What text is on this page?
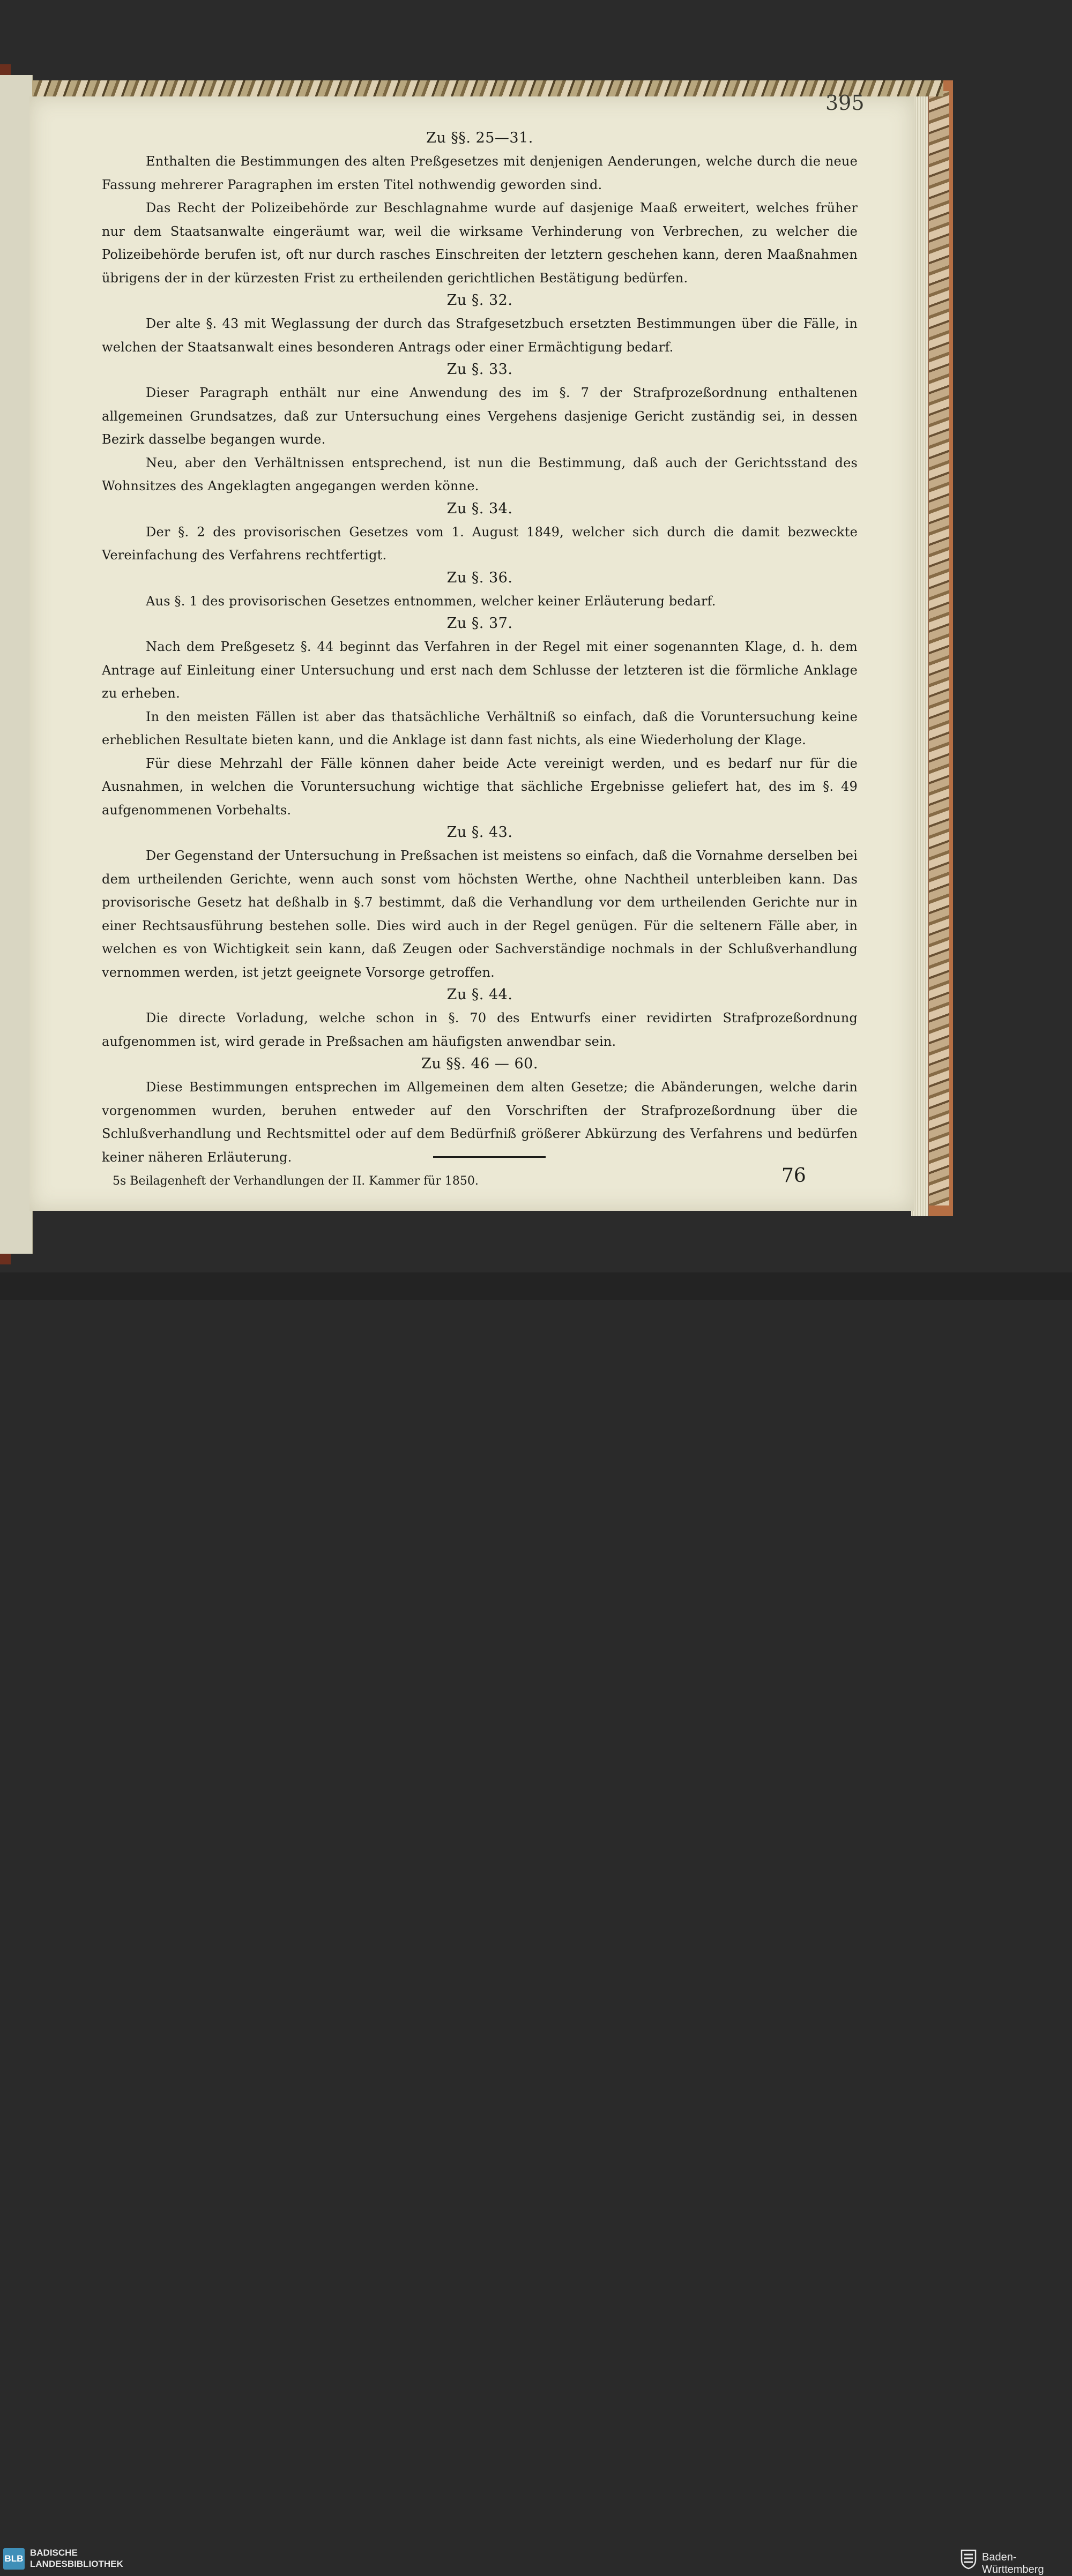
395

Zu §§. 25—31.

Enthalten die Bestimmungen des alten Preßgesetzes mit denjenigen Aenderungen, welche durch die neue Fassung mehrerer Paragraphen im ersten Titel nothwendig geworden sind.

Das Recht der Polizeibehörde zur Beschlagnahme wurde auf dasjenige Maaß erweitert, welches früher nur dem Staatsanwalte eingeräumt war, weil die wirksame Verhinderung von Verbrechen, zu welcher die Polizeibehörde berufen ist, oft nur durch rasches Einschreiten der letztern geschehen kann, deren Maaßnahmen übrigens der in der kürzesten Frist zu ertheilenden gerichtlichen Bestätigung bedürfen.

Zu §. 32.

Der alte §. 43 mit Weglassung der durch das Strafgesetzbuch ersetzten Bestimmungen über die Fälle, in welchen der Staatsanwalt eines besonderen Antrags oder einer Ermächtigung bedarf.

Zu §. 33.

Dieser Paragraph enthält nur eine Anwendung des im §. 7 der Strafprozeßordnung enthaltenen allgemeinen Grundsatzes, daß zur Untersuchung eines Vergehens dasjenige Gericht zuständig sei, in dessen Bezirk dasselbe begangen wurde.

Neu, aber den Verhältnissen entsprechend, ist nun die Bestimmung, daß auch der Gerichtsstand des Wohnsitzes des Angeklagten angegangen werden könne.

Zu §. 34.

Der §. 2 des provisorischen Gesetzes vom 1. August 1849, welcher sich durch die damit bezweckte Vereinfachung des Verfahrens rechtfertigt.

Zu §. 36.

Aus §. 1 des provisorischen Gesetzes entnommen, welcher keiner Erläuterung bedarf.

Zu §. 37.

Nach dem Preßgesetz §. 44 beginnt das Verfahren in der Regel mit einer sogenannten Klage, d. h. dem Antrage auf Einleitung einer Untersuchung und erst nach dem Schlusse der letzteren ist die förmliche Anklage zu erheben.

In den meisten Fällen ist aber das thatsächliche Verhältniß so einfach, daß die Voruntersuchung keine erheblichen Resultate bieten kann, und die Anklage ist dann fast nichts, als eine Wiederholung der Klage.

Für diese Mehrzahl der Fälle können daher beide Acte vereinigt werden, und es bedarf nur für die Ausnahmen, in welchen die Voruntersuchung wichtige that sächliche Ergebnisse geliefert hat, des im §. 49 aufgenommenen Vorbehalts.

Zu §. 43.

Der Gegenstand der Untersuchung in Preßsachen ist meistens so einfach, daß die Vornahme derselben bei dem urtheilenden Gerichte, wenn auch sonst vom höchsten Werthe, ohne Nachtheil unterbleiben kann. Das provisorische Gesetz hat deßhalb in §.7 bestimmt, daß die Verhandlung vor dem urtheilenden Gerichte nur in einer Rechtsausführung bestehen solle. Dies wird auch in der Regel genügen. Für die seltenern Fälle aber, in welchen es von Wichtigkeit sein kann, daß Zeugen oder Sachverständige nochmals in der Schlußverhandlung vernommen werden, ist jetzt geeignete Vorsorge getroffen.

Zu §. 44.

Die directe Vorladung, welche schon in §. 70 des Entwurfs einer revidirten Strafprozeßordnung aufgenommen ist, wird gerade in Preßsachen am häufigsten anwendbar sein.

Zu §§. 46 — 60.

Diese Bestimmungen entsprechen im Allgemeinen dem alten Gesetze; die Abänderungen, welche darin vorgenommen wurden, beruhen entweder auf den Vorschriften der Strafprozeßordnung über die Schlußverhandlung und Rechtsmittel oder auf dem Bedürfniß größerer Abkürzung des Verfahrens und bedürfen keiner näheren Erläuterung.

5s Beilagenheft der Verhandlungen der II. Kammer für 1850.	76
BLB
BADISCHE
LANDESBIBLIOTHEK
Baden-Württemberg
